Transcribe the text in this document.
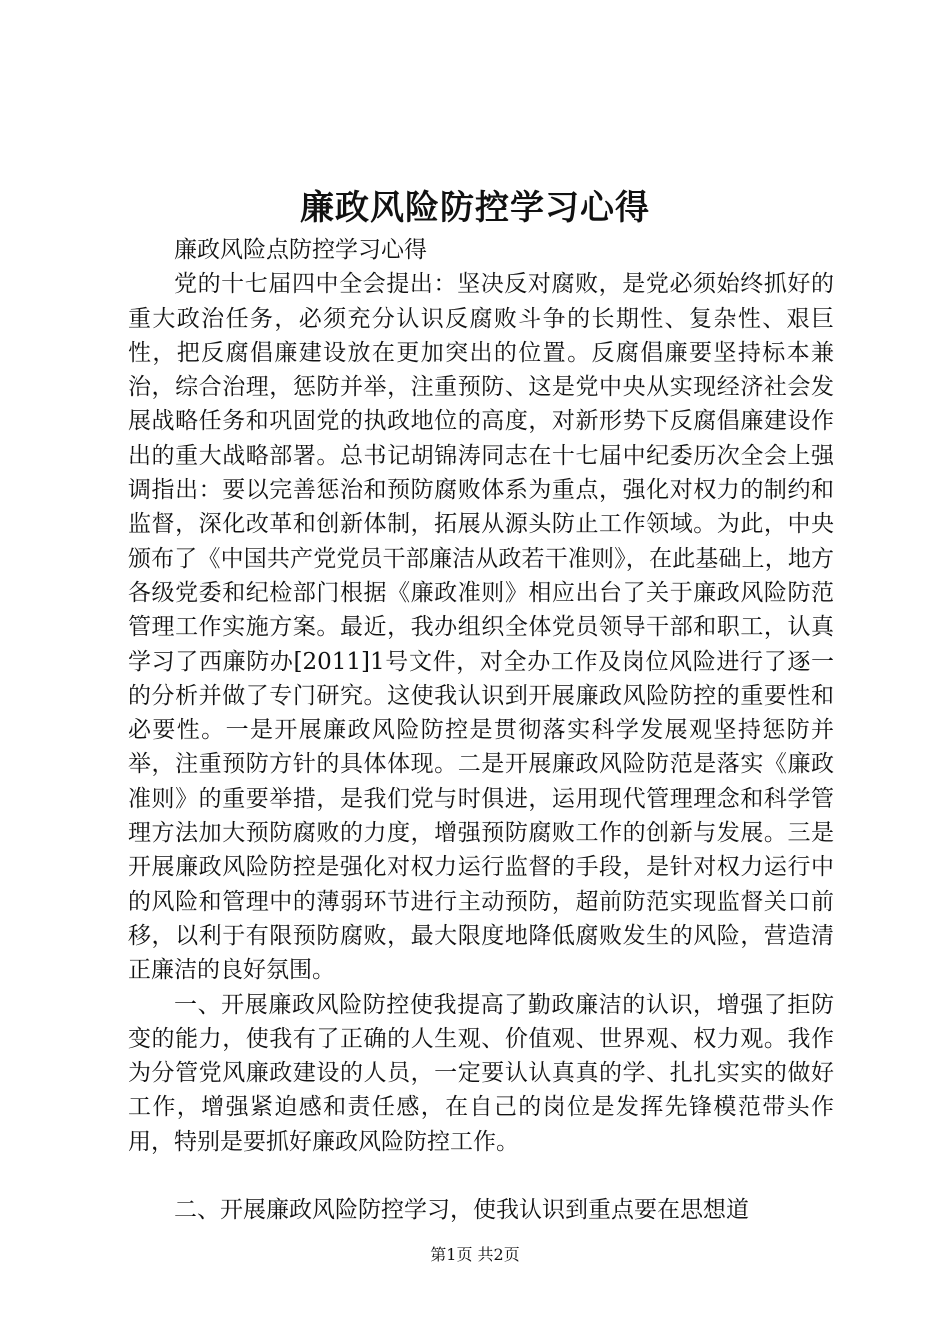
廉政风险防控学习心得

廉政风险点防控学习心得

党的十七届四中全会提出：坚决反对腐败，是党必须始终抓好的重大政治任务，必须充分认识反腐败斗争的长期性、复杂性、艰巨性，把反腐倡廉建设放在更加突出的位置。反腐倡廉要坚持标本兼治，综合治理，惩防并举，注重预防、这是党中央从实现经济社会发展战略任务和巩固党的执政地位的高度，对新形势下反腐倡廉建设作出的重大战略部署。总书记胡锦涛同志在十七届中纪委历次全会上强调指出：要以完善惩治和预防腐败体系为重点，强化对权力的制约和监督，深化改革和创新体制，拓展从源头防止工作领域。为此，中央颁布了《中国共产党党员干部廉洁从政若干准则》，在此基础上，地方各级党委和纪检部门根据《廉政准则》相应出台了关于廉政风险防范管理工作实施方案。最近，我办组织全体党员领导干部和职工，认真学习了西廉防办[2011]1号文件，对全办工作及岗位风险进行了逐一的分析并做了专门研究。这使我认识到开展廉政风险防控的重要性和必要性。一是开展廉政风险防控是贯彻落实科学发展观坚持惩防并举，注重预防方针的具体体现。二是开展廉政风险防范是落实《廉政准则》的重要举措，是我们党与时俱进，运用现代管理理念和科学管理方法加大预防腐败的力度，增强预防腐败工作的创新与发展。三是开展廉政风险防控是强化对权力运行监督的手段，是针对权力运行中的风险和管理中的薄弱环节进行主动预防，超前防范实现监督关口前移，以利于有限预防腐败，最大限度地降低腐败发生的风险，营造清正廉洁的良好氛围。

一、开展廉政风险防控使我提高了勤政廉洁的认识，增强了拒防变的能力，使我有了正确的人生观、价值观、世界观、权力观。我作为分管党风廉政建设的人员，一定要认认真真的学、扎扎实实的做好工作，增强紧迫感和责任感，在自己的岗位是发挥先锋模范带头作用，特别是要抓好廉政风险防控工作。

二、开展廉政风险防控学习，使我认识到重点要在思想道

第1页 共2页
